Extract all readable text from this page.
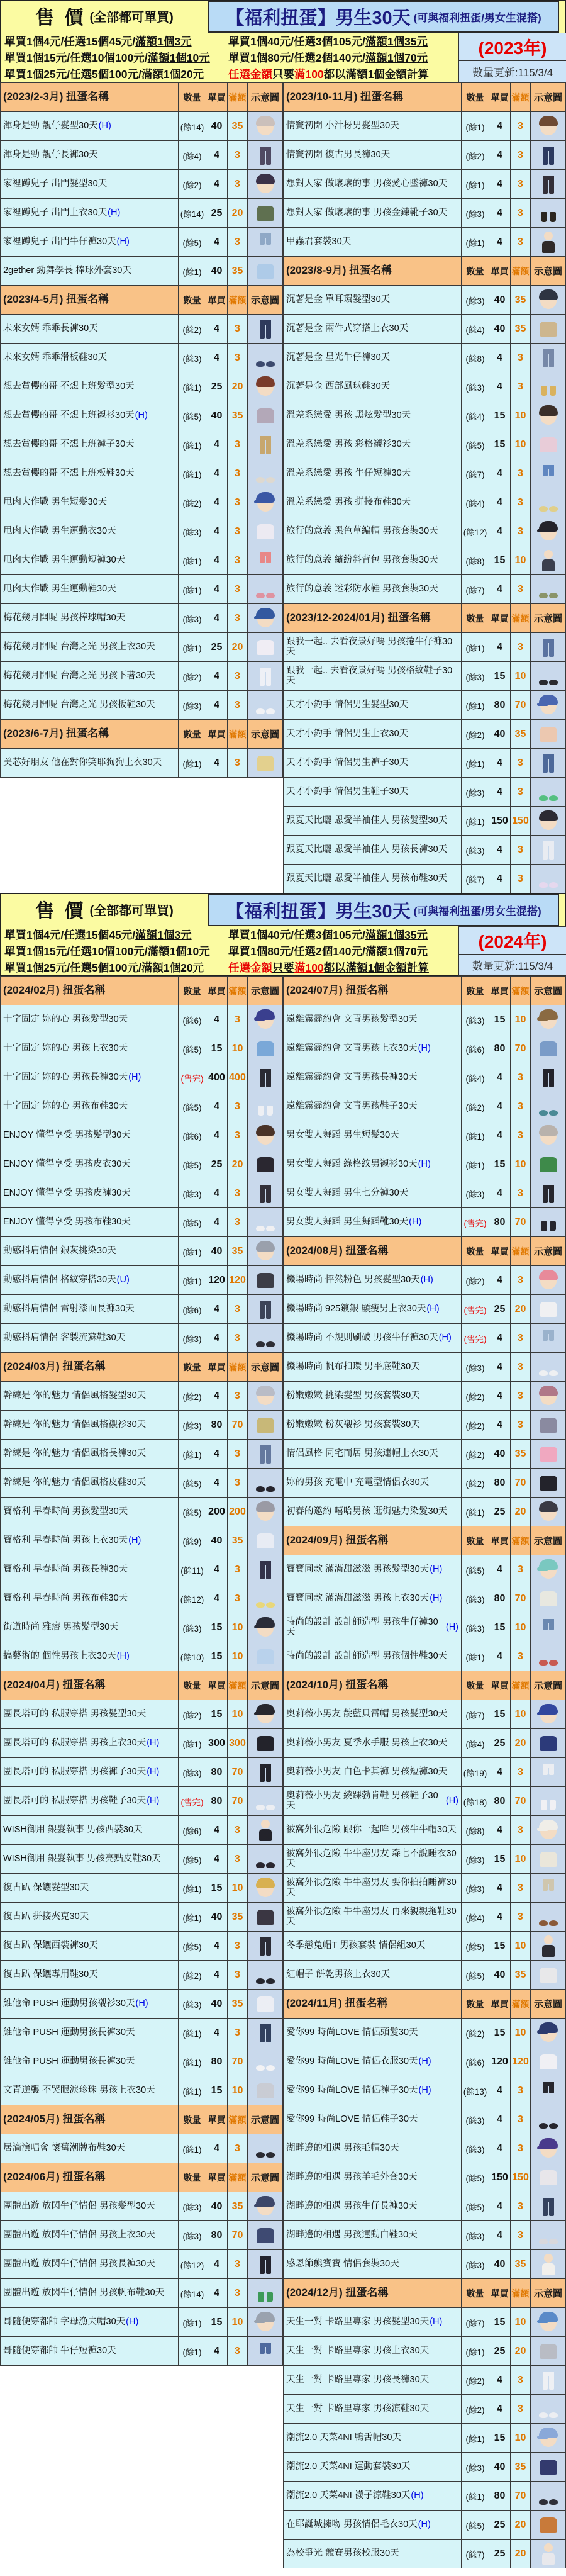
售 價 (全部都可單買)	【福利扭蛋】男生30天 (可與福利扭蛋/男女生混搭)
單買1個4元/任選15個45元/滿額1個3元
單買1個15元/任選10個100元/滿額1個10元
單買1個25元/任選5個100元/滿額1個20元
單買1個40元/任選3個105元/滿額1個35元
單買1個80元/任選2個140元/滿額1個70元
任選金額只要滿100都以滿額1個金額計算
(2023年)
數量更新:115/3/4
(2023/2-3月) 扭蛋名稱	數量 單買 滿額 示意圖
渾身是勁 靚仔髮型30天 (H)	(餘14) 40 35
渾身是勁 靚仔長褲30天	(餘4)	4	3
家裡蹲兒子 出門髮型30天	(餘2)	4	3
家裡蹲兒子 出門上衣30天 (H)	(餘14) 25 20
家裡蹲兒子 出門牛仔褲30天 (H)	(餘5)	4	3
2gether 勁舞學長 棒球外套30天	(餘1) 40 35
(2023/4-5月) 扭蛋名稱	數量 單買 滿額 示意圖
未來女婿 乖乖長褲30天	(餘2)	4	3
未來女婿 乖乖滑板鞋30天	(餘3)	4	3
想去賞櫻的哥 不想上班髮型30天	(餘1) 25 20
想去賞櫻的哥 不想上班襯衫30天 (H)	(餘5) 40 35
想去賞櫻的哥 不想上班褲子30天	(餘1)	4	3
想去賞櫻的哥 不想上班板鞋30天	(餘1)	4	3
甩肉大作戰 男生短髮30天	(餘2)	4	3
甩肉大作戰 男生運動衣30天	(餘3)	4	3
甩肉大作戰 男生運動短褲30天	(餘1)	4	3
甩肉大作戰 男生運動鞋30天	(餘1)	4	3
梅花幾月開呢 男孩棒球帽30天	(餘3)	4	3
梅花幾月開呢 台灣之光 男孩上衣30天	(餘1) 25 20
梅花幾月開呢 台灣之光 男孩下著30天	(餘2)	4	3
梅花幾月開呢 台灣之光 男孩板鞋30天	(餘3)	4	3
(2023/6-7月) 扭蛋名稱	數量 單買 滿額 示意圖
美芯好朋友 他在對你笑耶狗狗上衣30天	(餘1)	4	3
(2023/10-11月) 扭蛋名稱	數量 單買 滿額 示意圖
情竇初開 小汁枒男髮型30天	(餘1)	4	3
情竇初開 復古男長褲30天	(餘2)	4	3
想對人家 做壞壞的事 男孩愛心墜褲30天	(餘1)	4	3
想對人家 做壞壞的事 男孩金鍊靴子30天	(餘3)	4	3
甲蟲君套裝30天	(餘1)	4	3
(2023/8-9月) 扭蛋名稱	數量 單買 滿額 示意圖
沉著是金 單耳環髮型30天	(餘3) 40 35
沉著是金 兩件式穿搭上衣30天	(餘4) 40 35
沉著是金 星光牛仔褲30天	(餘8)	4	3
沉著是金 西部風球鞋30天	(餘3)	4	3
溫差系戀愛 男孩 黑炫髮型30天	(餘4) 15 10
溫差系戀愛 男孩 彩格襯衫30天	(餘5) 15 10
溫差系戀愛 男孩 牛仔短褲30天	(餘7)	4	3
溫差系戀愛 男孩 拼接布鞋30天	(餘4)	4	3
旅行的意義 黑色草編帽 男孩套裝30天	(餘12) 4	3
旅行的意義 繽紛斜背包 男孩套裝30天	(餘8) 15 10
旅行的意義 迷彩防水鞋 男孩套裝30天	(餘7)	4	3
(2023/12-2024/01月) 扭蛋名稱	數量 單買 滿額 示意圖
跟我一起.. 去看夜景好嗎 男孩捲牛仔褲30天	(餘1)	4	3
跟我一起.. 去看夜景好嗎 男孩格紋鞋子30天	(餘3) 15 10
天才小釣手 情侶男生髮型30天	(餘1) 80 70
天才小釣手 情侶男生上衣30天	(餘2) 40 35
天才小釣手 情侶男生褲子30天	(餘1)	4	3
天才小釣手 情侶男生鞋子30天	(餘3)	4	3
跟夏天比曬 恩愛半袖佳人 男孩髮型30天	(餘1) 150 150
跟夏天比曬 恩愛半袖佳人 男孩長褲30天	(餘3)	4	3
跟夏天比曬 恩愛半袖佳人 男孩布鞋30天	(餘7)	4	3
售 價 (全部都可單買)	【福利扭蛋】男生30天 (可與福利扭蛋/男女生混搭)
單買1個4元/任選15個45元/滿額1個3元
單買1個15元/任選10個100元/滿額1個10元
單買1個25元/任選5個100元/滿額1個20元
單買1個40元/任選3個105元/滿額1個35元
單買1個80元/任選2個140元/滿額1個70元
任選金額只要滿100都以滿額1個金額計算
(2024年)
數量更新:115/3/4
(2024/02月) 扭蛋名稱	數量 單買 滿額 示意圖
十字固定 妳的心 男孩髮型30天	(餘6)	4	3
十字固定 妳的心 男孩上衣30天	(餘5) 15 10
十字固定 妳的心 男孩長褲30天 (H)	(售完) 400 400
十字固定 妳的心 男孩布鞋30天	(餘5)	4	3
ENJOY 懂得享受 男孩髮型30天	(餘6)	4	3
ENJOY 懂得享受 男孩皮衣30天	(餘5) 25 20
ENJOY 懂得享受 男孩皮褲30天	(餘3)	4	3
ENJOY 懂得享受 男孩布鞋30天	(餘5)	4	3
動感抖肩情侶 銀灰挑染30天	(餘1) 40 35
動感抖肩情侶 格紋穿搭30天 (U)	(餘1) 120 120
動感抖肩情侶 雷射漆面長褲30天	(餘6)	4	3
動感抖肩情侶 客製流蘇鞋30天	(餘3)	4	3
(2024/03月) 扭蛋名稱	數量 單買 滿額 示意圖
幹練是 你的魅力 情侶風格髮型30天	(餘2)	4	3
幹練是 你的魅力 情侶風格襯衫30天	(餘3) 80 70
幹練是 你的魅力 情侶風格長褲30天	(餘1)	4	3
幹練是 你的魅力 情侶風格皮鞋30天	(餘5)	4	3
寶格利 早春時尚 男孩髮型30天	(餘5) 200 200
寶格利 早春時尚 男孩上衣30天 (H)	(餘9) 40 35
寶格利 早春時尚 男孩長褲30天	(餘11)	4	3
寶格利 早春時尚 男孩布鞋30天	(餘12) 4	3
街道時尚 雅痞 男孩髮型30天	(餘3) 15 10
搞藝術的 個性男孩上衣30天 (H)	(餘10) 15 10
(2024/04月) 扭蛋名稱	數量 單買 滿額 示意圖
團長塔可的 私服穿搭 男孩髮型30天	(餘2) 15 10
團長塔可的 私服穿搭 男孩上衣30天 (H)	(餘1) 300 300
團長塔可的 私服穿搭 男孩褲子30天 (H)	(餘3) 80 70
團長塔可的 私服穿搭 男孩鞋子30天 (H)	(售完) 80 70
WISH御用 銀髮執事 男孩西裝30天	(餘6)	4	3
WISH御用 銀髮執事 男孩亮點皮鞋30天	(餘5)	4	3
復古趴 保鑣髮型30天	(餘1) 15 10
復古趴 拼接夾克30天	(餘1) 40 35
復古趴 保鑣西裝褲30天	(餘5)	4	3
復古趴 保鑣專用鞋30天	(餘2)	4	3
維他命 PUSH 運動男孩襯衫30天 (H)	(餘3) 40 35
維他命 PUSH 運動男孩長褲30天	(餘1)	4	3
維他命 PUSH 運動男孩長褲30天	(餘1) 80 70
文青逆襲 不哭眼淚珍珠 男孩上衣30天	(餘1) 15 10
(2024/05月) 扭蛋名稱	數量 單買 滿額 示意圖
居滴演唱會 懷舊潮牌布鞋30天	(餘1)	4	3
(2024/06月) 扭蛋名稱	數量 單買 滿額 示意圖
團體出遊 放閃牛仔情侶 男孩髮型30天	(餘3) 40 35
團體出遊 放閃牛仔情侶 男孩上衣30天	(餘3) 80 70
團體出遊 放閃牛仔情侶 男孩長褲30天	(餘12) 4	3
團體出遊 放閃牛仔情侶 男孩帆布鞋30天	(餘14) 4	3
哥隨便穿都帥 字母漁夫帽30天 (H)	(餘1) 15 10
哥隨便穿都帥 牛仔短褲30天	(餘1)	4	3
(2024/07月) 扭蛋名稱	數量 單買 滿額 示意圖
遠離霧霾約會 文青男孩髮型30天	(餘3) 15 10
遠離霧霾約會 文青男孩上衣30天 (H)	(餘6) 80 70
遠離霧霾約會 文青男孩長褲30天	(餘4)	4	3
遠離霧霾約會 文青男孩鞋子30天	(餘2)	4	3
男女雙人舞蹈 男生短髮30天	(餘1)	4	3
男女雙人舞蹈 綠格紋男襯衫30天 (H)	(餘1) 15 10
男女雙人舞蹈 男生七分褲30天	(餘3)	4	3
男女雙人舞蹈 男生舞蹈靴30天 (H)	(售完) 80 70
(2024/08月) 扭蛋名稱	數量 單買 滿額 示意圖
機場時尚 怦然粉色 男孩髮型30天 (H)	(餘2)	4	3
機場時尚 925鍍銀 顯瘦男上衣30天 (H)	(售完) 25 20
機場時尚 不規則刷破 男孩牛仔褲30天 (H) (售完)	4	3
機場時尚 帆布扣環 男平底鞋30天	(餘3)	4	3
粉嫩嫩嫩 挑染髮型 男孩套裝30天	(餘2)	4	3
粉嫩嫩嫩 粉灰襯衫 男孩套裝30天	(餘2)	4	3
情侶風格 同宅而居 男孩連帽上衣30天	(餘2) 40 35
妳的男孩 充電中 充電型情侶衣30天	(餘2) 80 70
初春的邀約 嘻哈男孩 逛街魅力染髮30天	(餘1) 25 20
(2024/09月) 扭蛋名稱	數量 單買 滿額 示意圖
寶寶同款 滿滿甜滋滋 男孩髮型30天 (H)	(餘5)	4	3
寶寶同款 滿滿甜滋滋 男孩上衣30天 (H)	(餘3) 80 70
時尚的設計 設計師造型 男孩牛仔褲30天	(H) (餘3) 15 10
時尚的設計 設計師造型 男孩個性鞋30天	(餘1)	4	3
(2024/10月) 扭蛋名稱	數量 單買 滿額 示意圖
奧莉薇小男友 靛藍貝雷帽 男孩髮型30天	(餘7) 15 10
奧莉薇小男友 夏季水手服 男孩上衣30天	(餘4) 25 20
奧莉薇小男友 白色卡其褲 男孩短褲30天	(餘19) 4	3
奧莉薇小男友 繞踝勃肯鞋 男孩鞋子30天	(H) (餘18) 80 70
被窩外很危險 跟你一起哞 男孩牛牛帽30天	(餘8)	4	3
被窩外很危險 牛牛座男友 森七不說睡衣30天	(餘3) 15 10
被窩外很危險 牛牛座男友 要你拍拍睡褲30天	(餘3)	4	3
被窩外很危險 牛牛座男友 再來親親拖鞋30天	(餘4)	4	3
冬季戀兔帽T 男孩套裝 情侶組30天	(餘5) 15 10
紅帽子 餅乾男孩上衣30天	(餘5) 40 35
(2024/11月) 扭蛋名稱	數量 單買 滿額 示意圖
愛你99 時尚LOVE 情侶頭髮30天	(餘2) 15 10
愛你99 時尚LOVE 情侶衣服30天 (H)	(餘6) 120 120
愛你99 時尚LOVE 情侶褲子30天 (H)	(餘13) 4	3
愛你99 時尚LOVE 情侶鞋子30天	(餘3)	4	3
湖畔邊的相遇 男孩毛帽30天	(餘3)	4	3
湖畔邊的相遇 男孩羊毛外套30天	(餘5) 150 150
湖畔邊的相遇 男孩牛仔長褲30天	(餘5)	4	3
湖畔邊的相遇 男孩運動白鞋30天	(餘3)	4	3
感恩節熊寶寶 情侶套裝30天	(餘3) 40 35
(2024/12月) 扭蛋名稱	數量 單買 滿額 示意圖
天生一對 卡路里專家 男孩髮型30天 (H)	(餘7) 15 10
天生一對 卡路里專家 男孩上衣30天	(餘1) 25 20
天生一對 卡路里專家 男孩長褲30天	(餘2)	4	3
天生一對 卡路里專家 男孩涼鞋30天	(餘2)	4	3
潮流2.0 天菜4NI 鴨舌帽30天	(餘1) 15 10
潮流2.0 天菜4NI 運動套裝30天	(餘3) 40 35
潮流2.0 天菜4NI 襪子涼鞋30天 (H)	(餘1) 80 70
在耶誕城擁吻 男孩情侶毛衣30天 (H)	(餘5) 25 20
為校爭光 競賽男孩校服30天	(餘7) 25 20
